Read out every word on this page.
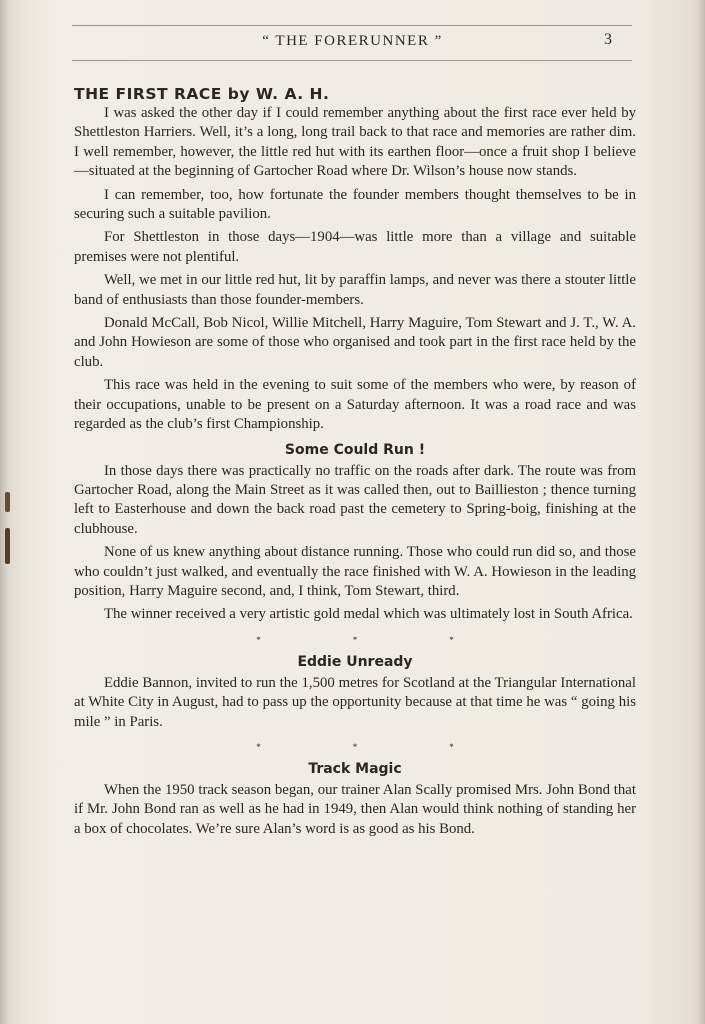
“ THE FORERUNNER ”	3
THE FIRST RACE by W. A. H.

I was asked the other day if I could remember anything about the first race ever held by Shettleston Harriers. Well, it’s a long, long trail back to that race and memories are rather dim. I well remember, however, the little red hut with its earthen floor—once a fruit shop I believe—situated at the beginning of Gartocher Road where Dr. Wilson’s house now stands.

I can remember, too, how fortunate the founder members thought themselves to be in securing such a suitable pavilion.

For Shettleston in those days—1904—was little more than a village and suitable premises were not plentiful.

Well, we met in our little red hut, lit by paraffin lamps, and never was there a stouter little band of enthusiasts than those founder-members.

Donald McCall, Bob Nicol, Willie Mitchell, Harry Maguire, Tom Stewart and J. T., W. A. and John Howieson are some of those who organised and took part in the first race held by the club.

This race was held in the evening to suit some of the members who were, by reason of their occupations, unable to be present on a Saturday afternoon. It was a road race and was regarded as the club’s first Championship.

Some Could Run !

In those days there was practically no traffic on the roads after dark. The route was from Gartocher Road, along the Main Street as it was called then, out to Baillieston ; thence turning left to Easterhouse and down the back road past the cemetery to Spring-boig, finishing at the clubhouse.

None of us knew anything about distance running. Those who could run did so, and those who couldn’t just walked, and eventually the race finished with W. A. Howieson in the leading position, Harry Maguire second, and, I think, Tom Stewart, third.

The winner received a very artistic gold medal which was ultimately lost in South Africa.

*	*	*
Eddie Unready

Eddie Bannon, invited to run the 1,500 metres for Scotland at the Triangular International at White City in August, had to pass up the opportunity because at that time he was “ going his mile ” in Paris.

*	*	*
Track Magic

When the 1950 track season began, our trainer Alan Scally promised Mrs. John Bond that if Mr. John Bond ran as well as he had in 1949, then Alan would think nothing of standing her a box of chocolates. We’re sure Alan’s word is as good as his Bond.
